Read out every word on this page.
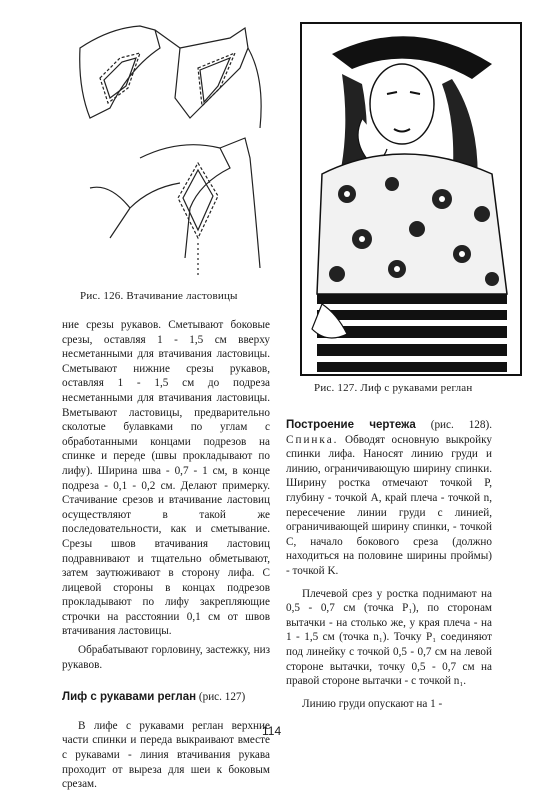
Рис. 126. Втачивание ластовицы
Рис. 127. Лиф с рукавами реглан

ние срезы рукавов. Сметывают боковые срезы, оставляя 1 - 1,5 см вверху несметанными для втачивания ластовицы. Сметывают нижние срезы рукавов, оставляя 1 - 1,5 см до подреза несметанными для втачивания ластовицы. Вметывают ластовицы, предварительно сколотые булавками по углам с обработанными концами подрезов на спинке и переде (швы прокладывают по лифу). Ширина шва - 0,7 - 1 см, в конце подреза - 0,1 - 0,2 см. Делают примерку. Стачивание срезов и втачивание ластовиц осуществляют в такой же последовательности, как и сметывание. Срезы швов втачивания ластовиц подравнивают и тщательно обметывают, затем заутюживают в сторону лифа. С лицевой стороны в концах подрезов прокладывают по лифу закрепляющие строчки на расстоянии 0,1 см от швов втачивания ластовицы.

Обрабатывают горловину, застежку, низ рукавов.

Лиф с рукавами реглан (рис. 127)

В лифе с рукавами реглан верхние части спинки и переда выкраивают вместе с рукавами - линия втачивания рукава проходит от выреза для шеи к боковым срезам.

Построение чертежа (рис. 128). Спинка. Обводят основную выкройку спинки лифа. Наносят линию груди и линию, ограничивающую ширину спинки. Ширину ростка отмечают точкой P, глубину - точкой A, край плеча - точкой n, пересечение линии груди с линией, ограничивающей ширину спинки, - точкой C, начало бокового среза (должно находиться на половине ширины проймы) - точкой K.

Плечевой срез у ростка поднимают на 0,5 - 0,7 см (точка P₁), по сторонам вытачки - на столько же, у края плеча - на 1 - 1,5 см (точка n₁). Точку P₁ соединяют под линейку с точкой 0,5 - 0,7 см на левой стороне вытачки, точку 0,5 - 0,7 см на правой стороне вытачки - с точкой n₁.

Линию груди опускают на 1 -

114
